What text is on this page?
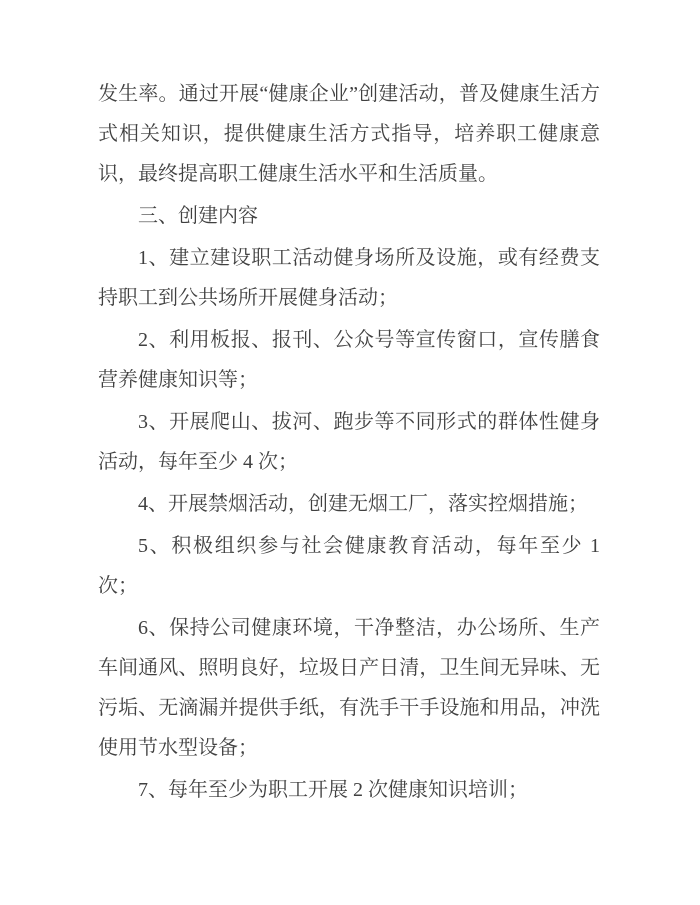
发生率。通过开展“健康企业”创建活动，普及健康生活方式相关知识，提供健康生活方式指导，培养职工健康意识，最终提高职工健康生活水平和生活质量。

三、创建内容

1、建立建设职工活动健身场所及设施，或有经费支持职工到公共场所开展健身活动；

2、利用板报、报刊、公众号等宣传窗口，宣传膳食营养健康知识等；

3、开展爬山、拔河、跑步等不同形式的群体性健身活动，每年至少 4 次；

4、开展禁烟活动，创建无烟工厂，落实控烟措施；

5、积极组织参与社会健康教育活动，每年至少 1 次；

6、保持公司健康环境，干净整洁，办公场所、生产车间通风、照明良好，垃圾日产日清，卫生间无异味、无污垢、无滴漏并提供手纸，有洗手干手设施和用品，冲洗使用节水型设备；

7、每年至少为职工开展 2 次健康知识培训；
